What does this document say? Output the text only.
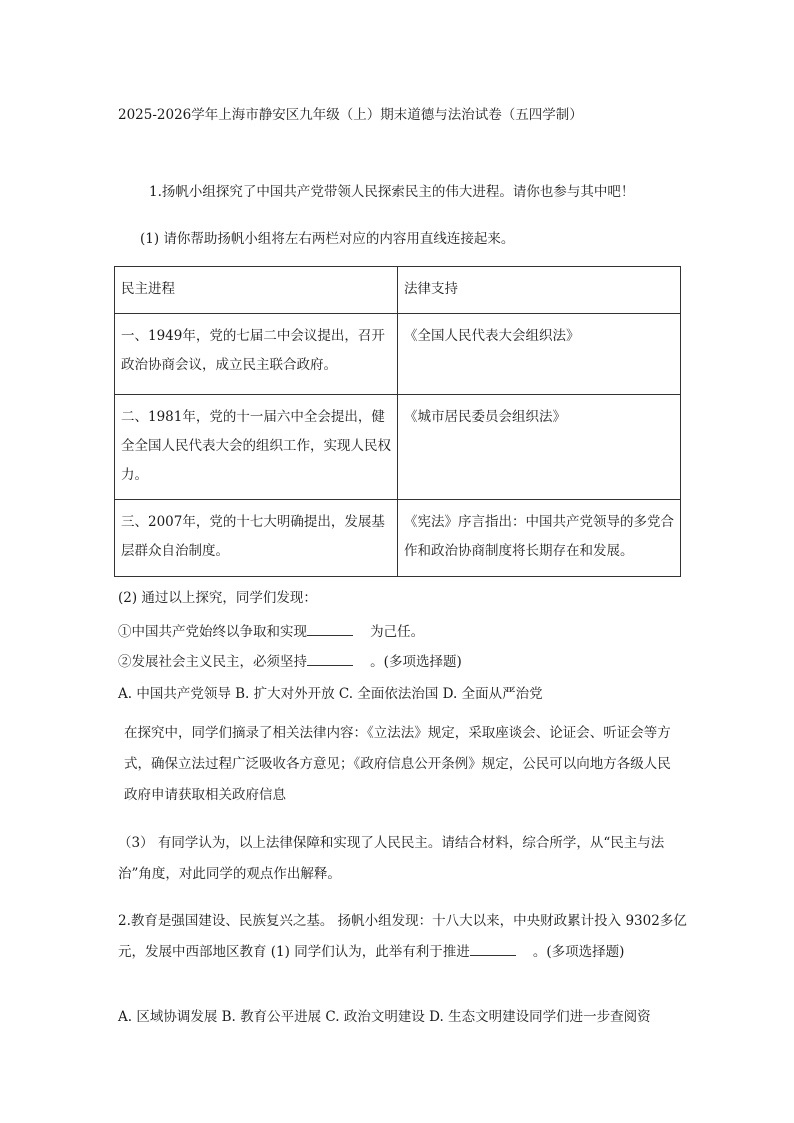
2025-2026学年上海市静安区九年级（上）期末道德与法治试卷（五四学制）
1.扬帆小组探究了中国共产党带领人民探索民主的伟大进程。请你也参与其中吧！
(1) 请你帮助扬帆小组将左右两栏对应的内容用直线连接起来。
民主进程	法律支持
一、1949年，党的七届二中会议提出，召开政治协商会议，成立民主联合政府。	《全国人民代表大会组织法》
二、1981年，党的十一届六中全会提出，健全全国人民代表大会的组织工作，实现人民权力。	《城市居民委员会组织法》
三、2007年，党的十七大明确提出，发展基层群众自治制度。	《宪法》序言指出：中国共产党领导的多党合作和政治协商制度将长期存在和发展。
(2) 通过以上探究，同学们发现：
①中国共产党始终以争取和实现	为己任。
②发展社会主义民主，必须坚持	。(多项选择题)
A. 中国共产党领导 B. 扩大对外开放 C. 全面依法治国 D. 全面从严治党
在探究中，同学们摘录了相关法律内容：《立法法》规定，采取座谈会、论证会、听证会等方式，确保立法过程广泛吸收各方意见；《政府信息公开条例》规定，公民可以向地方各级人民政府申请获取相关政府信息
（3） 有同学认为，以上法律保障和实现了人民民主。请结合材料，综合所学，从“民主与法治”角度，对此同学的观点作出解释。
2.教育是强国建设、民族复兴之基。 扬帆小组发现：十八大以来，中央财政累计投入 9302多亿元，发展中西部地区教育 (1) 同学们认为，此举有利于推进	。(多项选择题)
A. 区域协调发展 B. 教育公平进展 C. 政治文明建设 D. 生态文明建设同学们进一步查阅资
